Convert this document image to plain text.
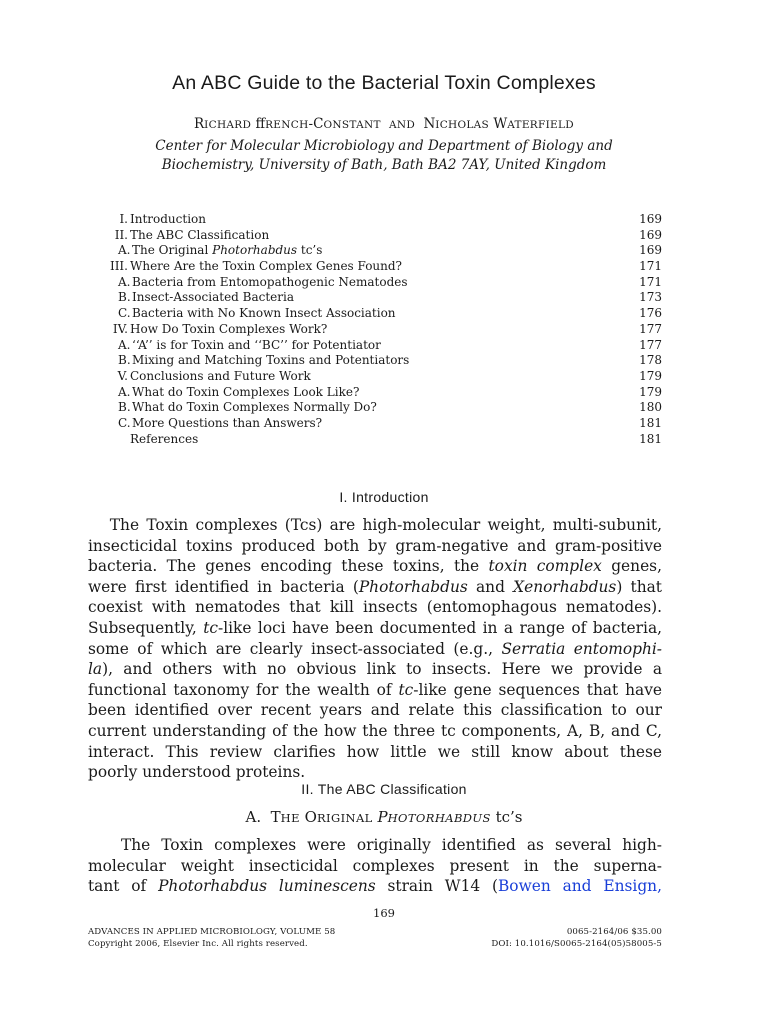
An ABC Guide to the Bacterial Toxin Complexes
RICHARD ffRENCH-CONSTANT AND NICHOLAS WATERFIELD
Center for Molecular Microbiology and Department of Biology and
Biochemistry, University of Bath, Bath BA2 7AY, United Kingdom
I. Introduction	169
II. The ABC Classification	169
A. The Original Photorhabdus tc’s	169
III. Where Are the Toxin Complex Genes Found?	171
A. Bacteria from Entomopathogenic Nematodes	171
B. Insect-Associated Bacteria	173
C. Bacteria with No Known Insect Association	176
IV. How Do Toxin Complexes Work?	177
A. ‘‘A’’ is for Toxin and ‘‘BC’’ for Potentiator	177
B. Mixing and Matching Toxins and Potentiators	178
V. Conclusions and Future Work	179
A. What do Toxin Complexes Look Like?	179
B. What do Toxin Complexes Normally Do?	180
C. More Questions than Answers?	181
References	181
I. Introduction
The Toxin complexes (Tcs) are high-molecular weight, multi-subunit,
insecticidal toxins produced both by gram-negative and gram-positive
bacteria. The genes encoding these toxins, the toxin complex genes,
were first identified in bacteria (Photorhabdus and Xenorhabdus) that
coexist with nematodes that kill insects (entomophagous nematodes).
Subsequently, tc-like loci have been documented in a range of bacteria,
some of which are clearly insect-associated (e.g., Serratia entomophi-
la), and others with no obvious link to insects. Here we provide a
functional taxonomy for the wealth of tc-like gene sequences that have
been identified over recent years and relate this classification to our
current understanding of the how the three tc components, A, B, and C,
interact. This review clarifies how little we still know about these
poorly understood proteins.
II. The ABC Classification
A. THE ORIGINAL PHOTORHABDUS tc’s
The Toxin complexes were originally identified as several high-
molecular weight insecticidal complexes present in the superna-
tant of Photorhabdus luminescens strain W14 (Bowen and Ensign,
169
ADVANCES IN APPLIED MICROBIOLOGY, VOLUME 58
Copyright 2006, Elsevier Inc. All rights reserved.
0065-2164/06 $35.00
DOI: 10.1016/S0065-2164(05)58005-5
